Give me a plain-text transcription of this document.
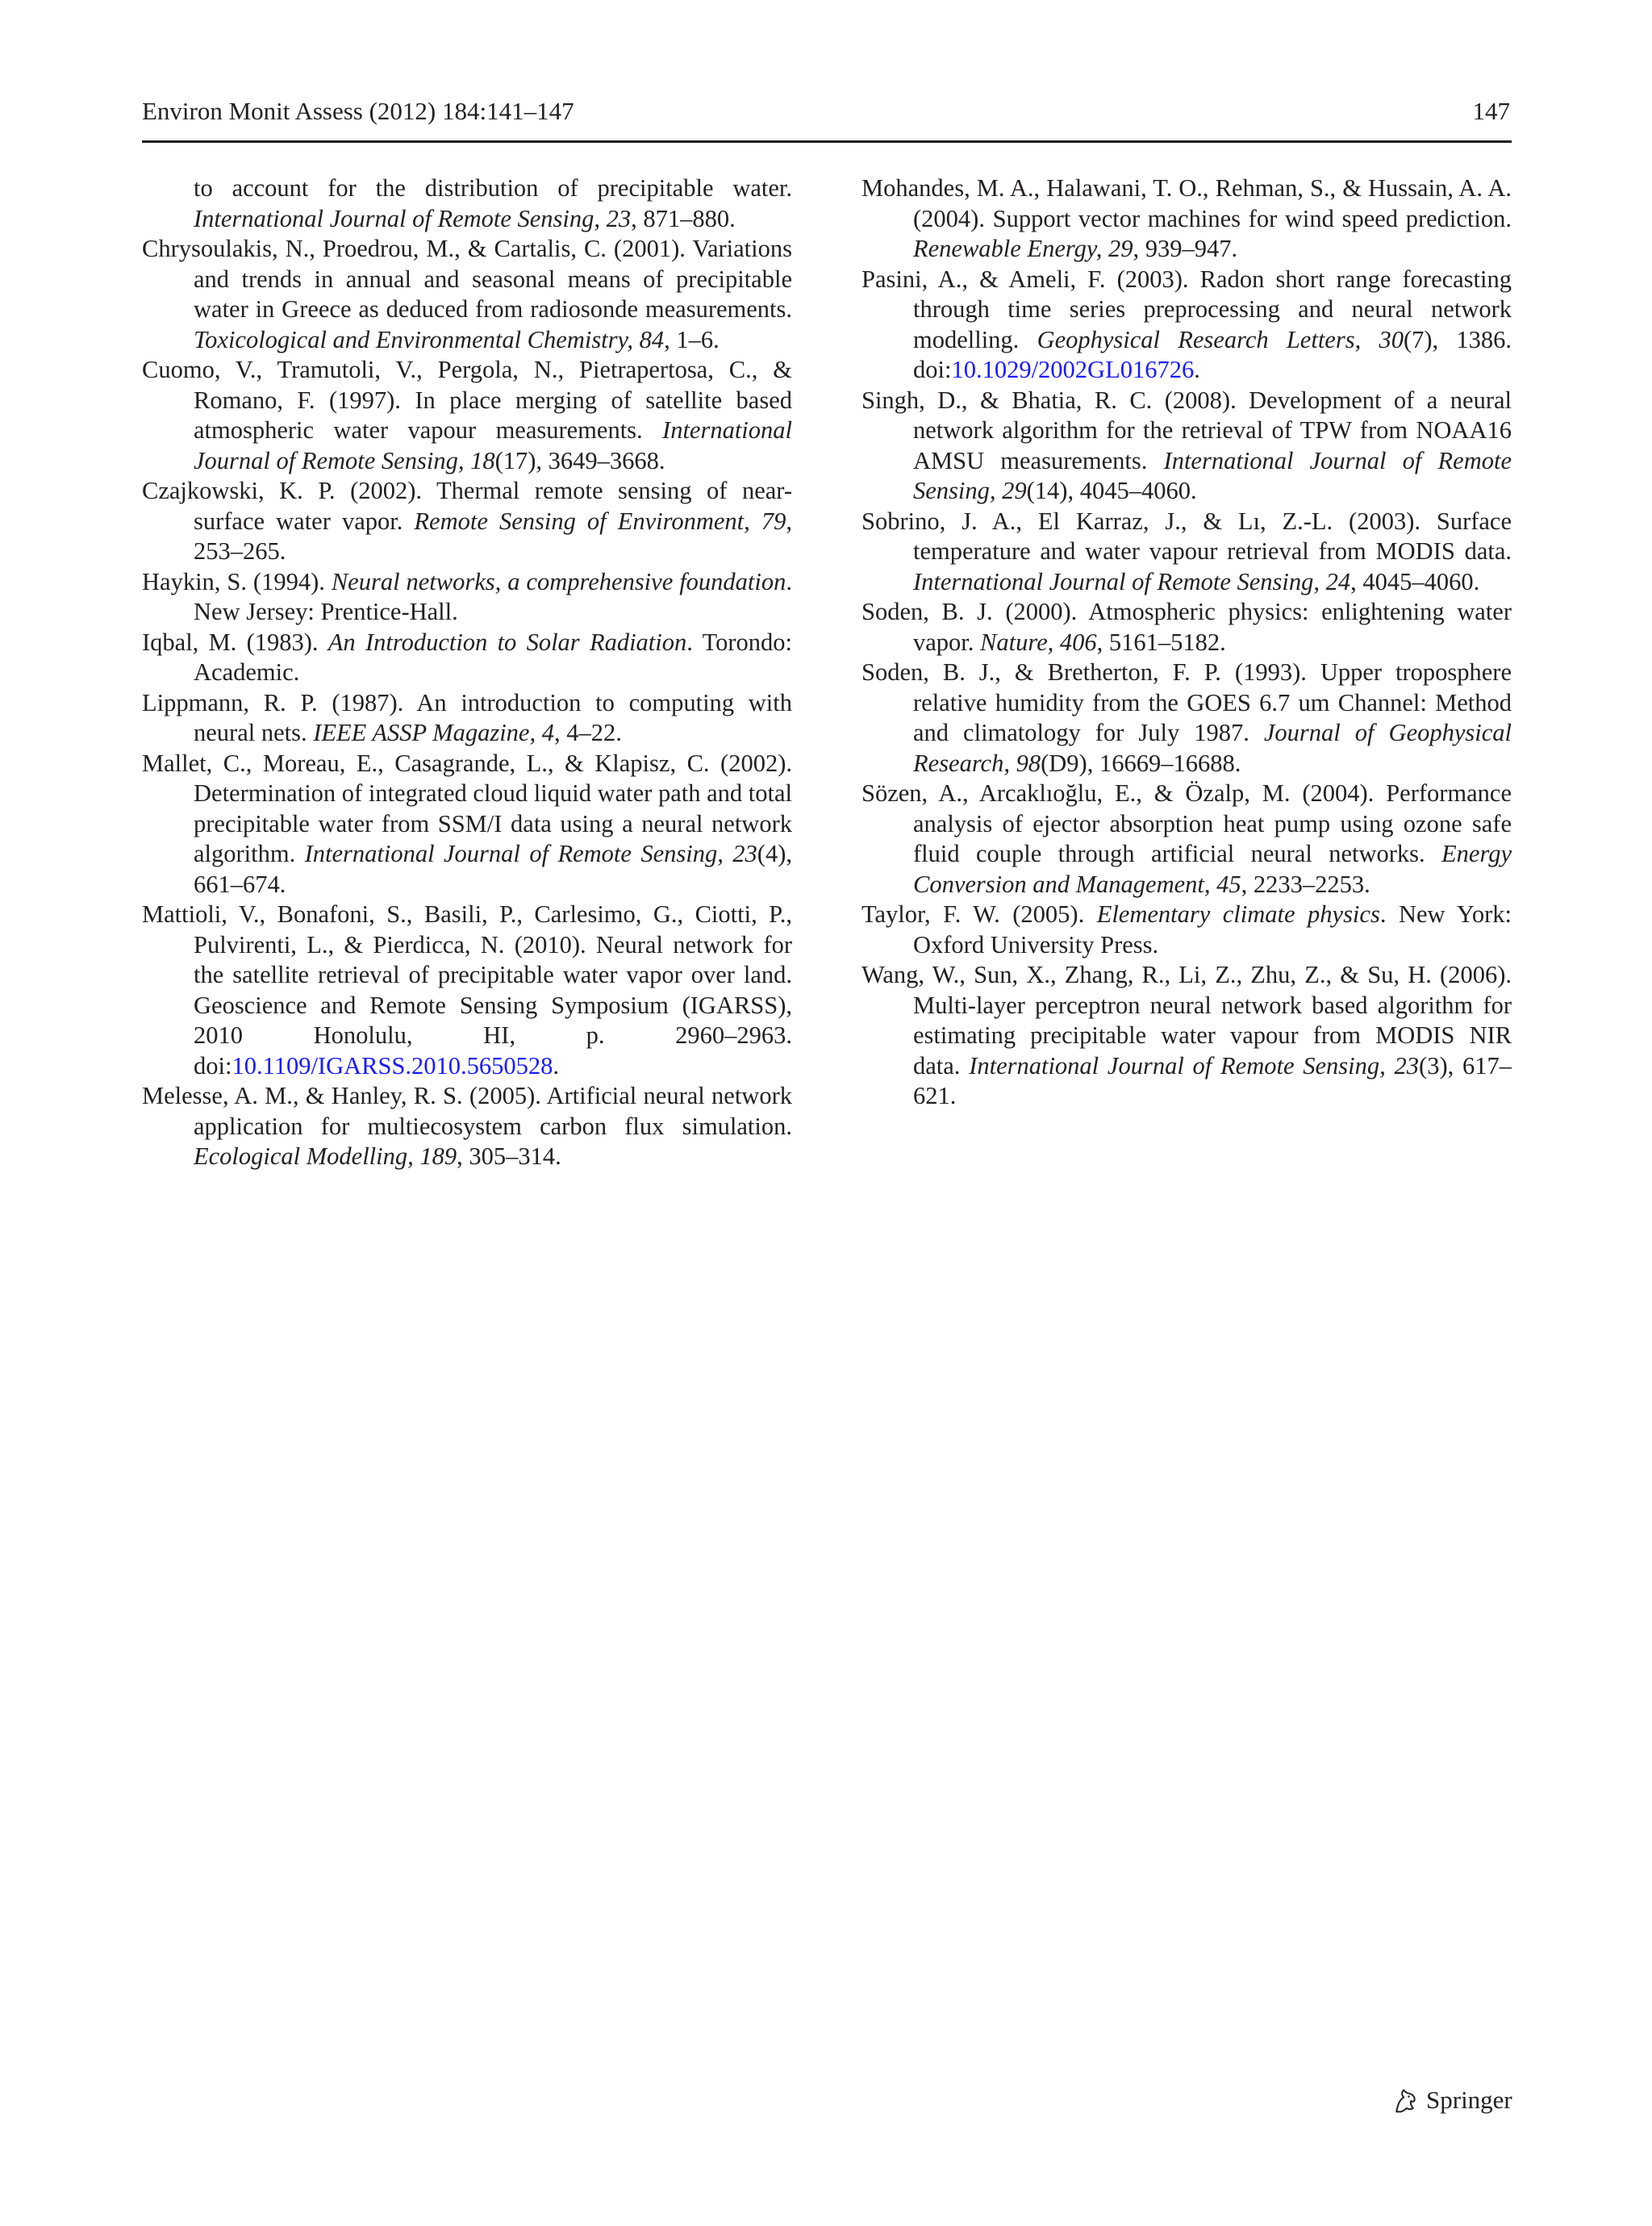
Environ Monit Assess (2012) 184:141–147	147

to account for the distribution of precipitable water. International Journal of Remote Sensing, 23, 871–880.

Chrysoulakis, N., Proedrou, M., & Cartalis, C. (2001). Variations and trends in annual and seasonal means of precipitable water in Greece as deduced from radiosonde measurements. Toxicological and Environmental Chemistry, 84, 1–6.

Cuomo, V., Tramutoli, V., Pergola, N., Pietrapertosa, C., & Romano, F. (1997). In place merging of satellite based atmospheric water vapour measurements. International Journal of Remote Sensing, 18(17), 3649–3668.

Czajkowski, K. P. (2002). Thermal remote sensing of near-surface water vapor. Remote Sensing of Environment, 79, 253–265.

Haykin, S. (1994). Neural networks, a comprehensive foundation. New Jersey: Prentice-Hall.

Iqbal, M. (1983). An Introduction to Solar Radiation. Torondo: Academic.

Lippmann, R. P. (1987). An introduction to computing with neural nets. IEEE ASSP Magazine, 4, 4–22.

Mallet, C., Moreau, E., Casagrande, L., & Klapisz, C. (2002). Determination of integrated cloud liquid water path and total precipitable water from SSM/I data using a neural network algorithm. International Journal of Remote Sensing, 23(4), 661–674.

Mattioli, V., Bonafoni, S., Basili, P., Carlesimo, G., Ciotti, P., Pulvirenti, L., & Pierdicca, N. (2010). Neural network for the satellite retrieval of precipitable water vapor over land. Geoscience and Remote Sensing Symposium (IGARSS), 2010 Honolulu, HI, p. 2960–2963. doi:10.1109/IGARSS.2010.5650528.

Melesse, A. M., & Hanley, R. S. (2005). Artificial neural network application for multiecosystem carbon flux simulation. Ecological Modelling, 189, 305–314.

Mohandes, M. A., Halawani, T. O., Rehman, S., & Hussain, A. A. (2004). Support vector machines for wind speed prediction. Renewable Energy, 29, 939–947.

Pasini, A., & Ameli, F. (2003). Radon short range forecasting through time series preprocessing and neural network modelling. Geophysical Research Letters, 30(7), 1386. doi:10.1029/2002GL016726.

Singh, D., & Bhatia, R. C. (2008). Development of a neural network algorithm for the retrieval of TPW from NOAA16 AMSU measurements. International Journal of Remote Sensing, 29(14), 4045–4060.

Sobrino, J. A., El Karraz, J., & Lı, Z.-L. (2003). Surface temperature and water vapour retrieval from MODIS data. International Journal of Remote Sensing, 24, 4045–4060.

Soden, B. J. (2000). Atmospheric physics: enlightening water vapor. Nature, 406, 5161–5182.

Soden, B. J., & Bretherton, F. P. (1993). Upper troposphere relative humidity from the GOES 6.7 um Channel: Method and climatology for July 1987. Journal of Geophysical Research, 98(D9), 16669–16688.

Sözen, A., Arcaklıoğlu, E., & Özalp, M. (2004). Performance analysis of ejector absorption heat pump using ozone safe fluid couple through artificial neural networks. Energy Conversion and Management, 45, 2233–2253.

Taylor, F. W. (2005). Elementary climate physics. New York: Oxford University Press.

Wang, W., Sun, X., Zhang, R., Li, Z., Zhu, Z., & Su, H. (2006). Multi-layer perceptron neural network based algorithm for estimating precipitable water vapour from MODIS NIR data. International Journal of Remote Sensing, 23(3), 617–621.

Springer
